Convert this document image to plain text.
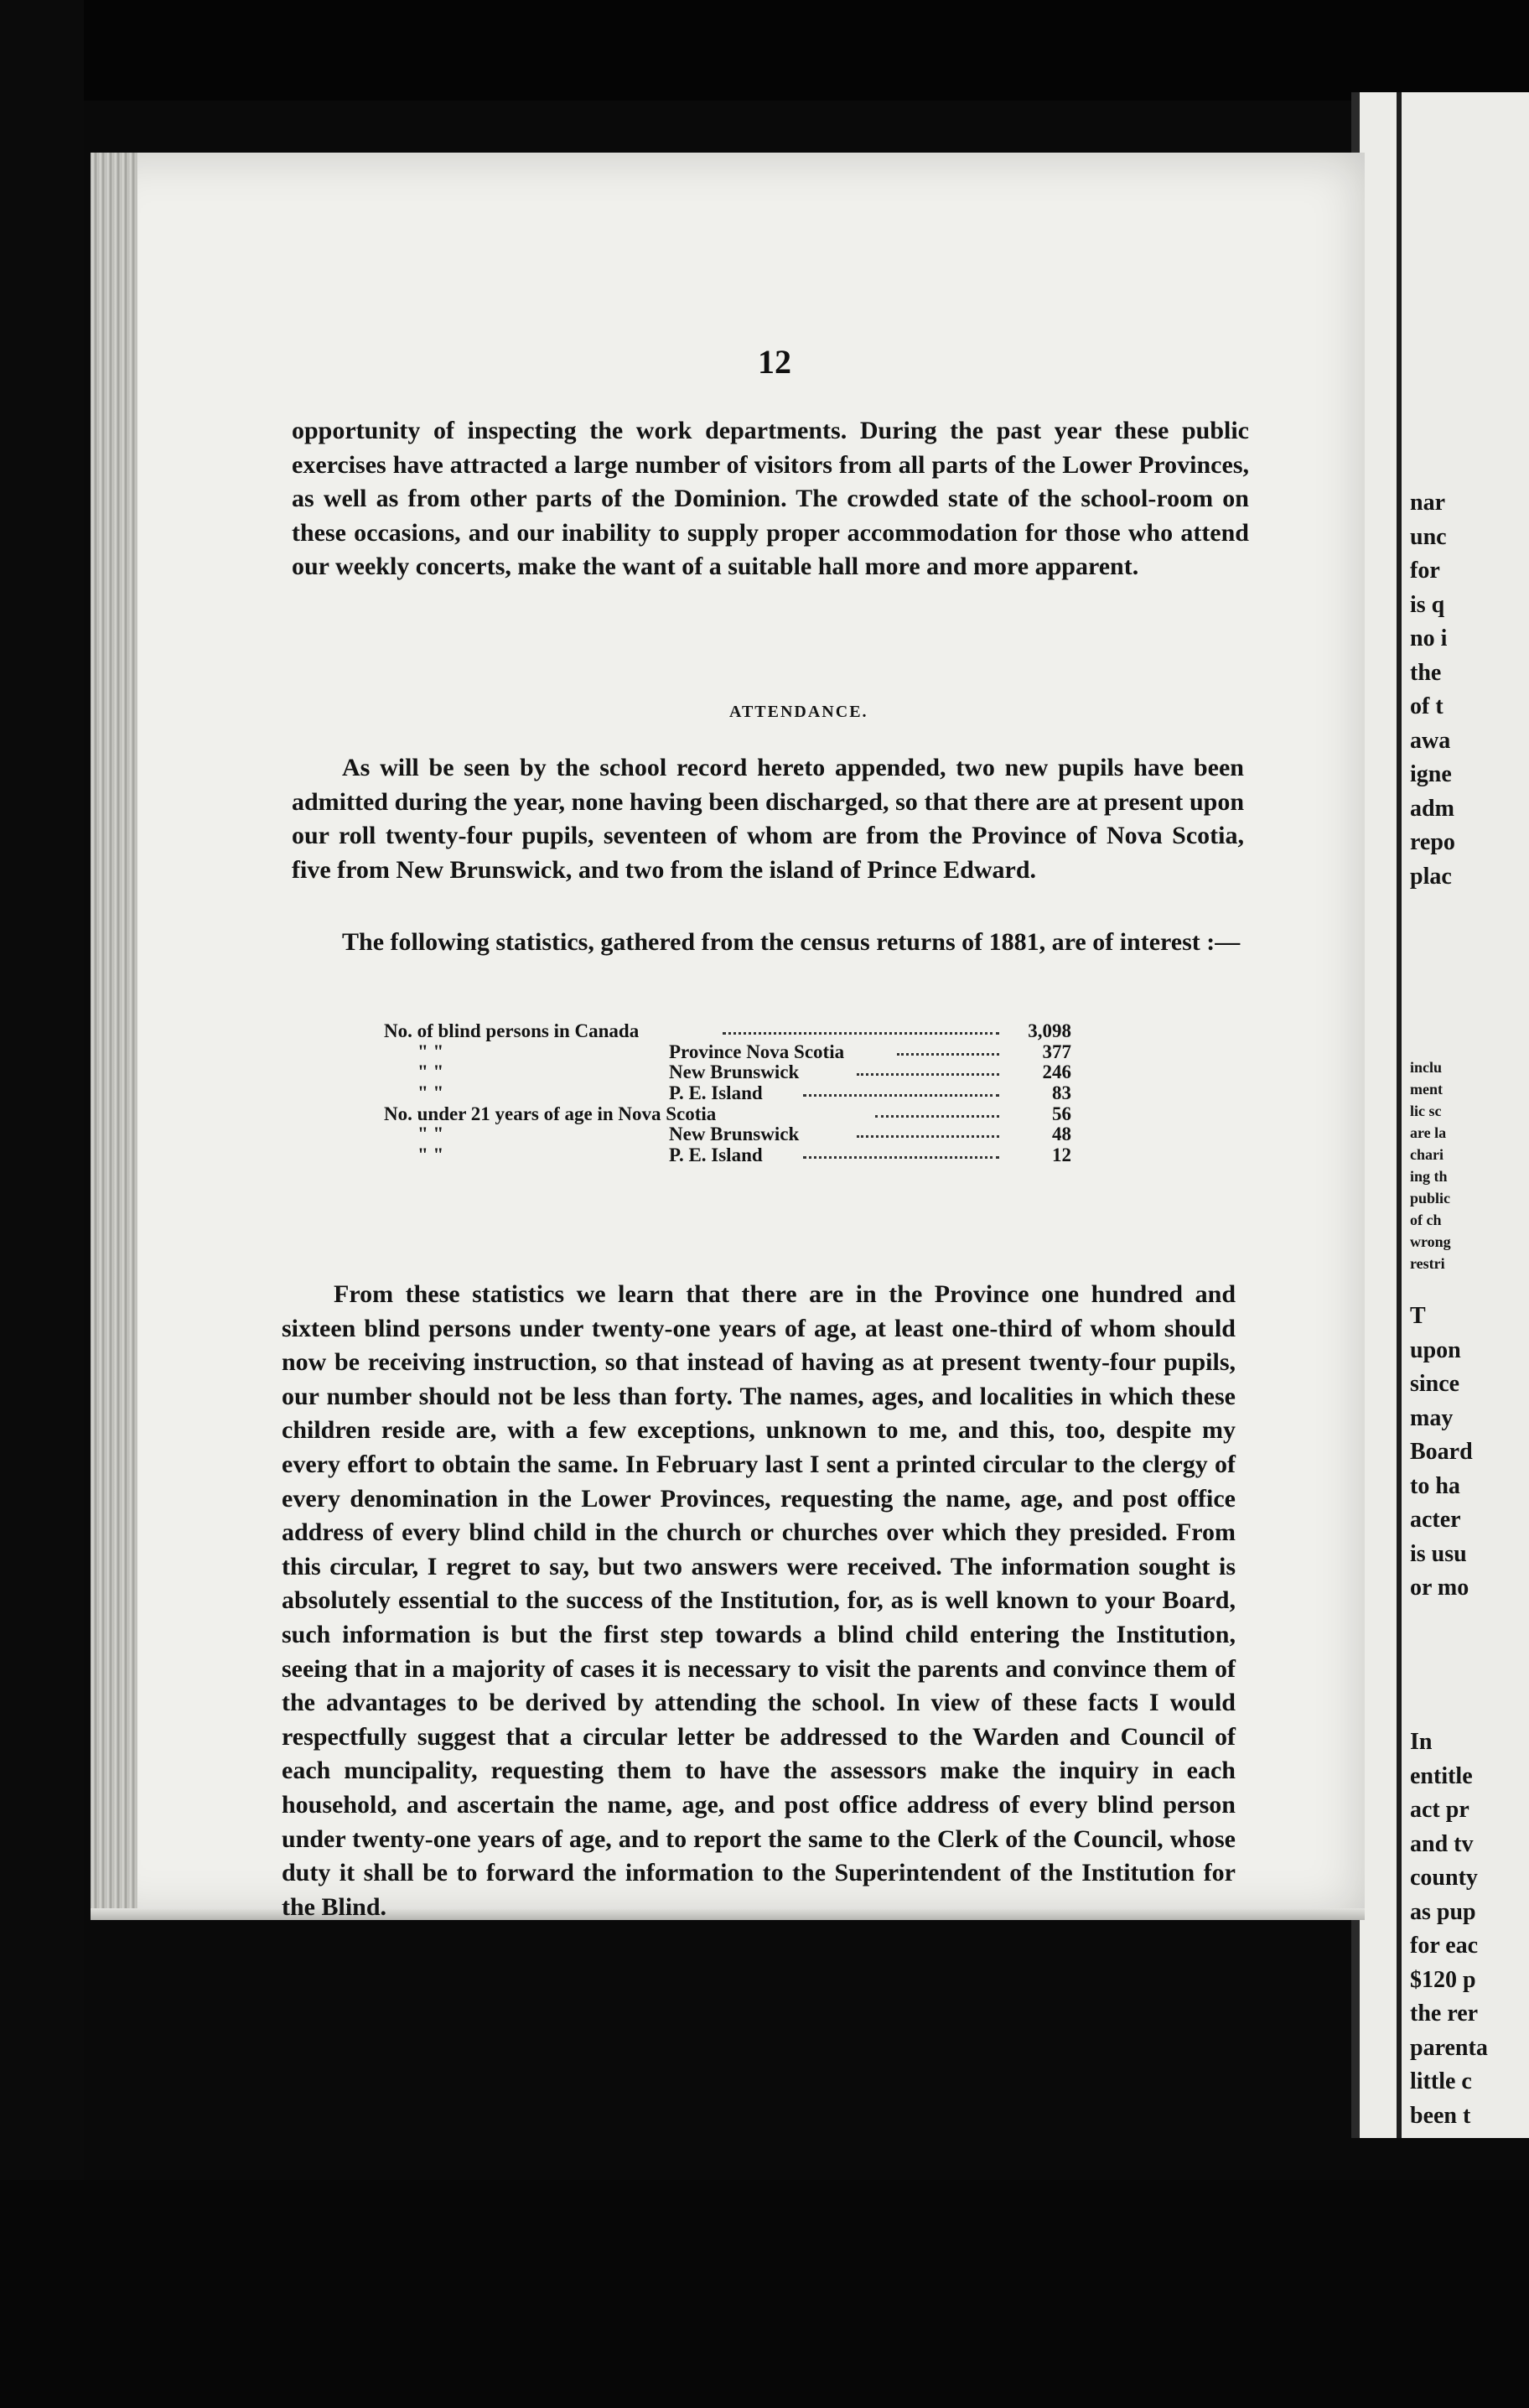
nar
unc
for
is q
no i
the
of t
awa
igne
adm
repo
plac
inclu
ment
lic sc
are la
chari
ing th
public
of ch
wrong
restri
T
upon
since
may
Board
to ha
acter
is usu
or mo
In
entitle
act pr
and tv
county
as pup
for eac
$120 p
the rer
parenta
little c
been t
12

opportunity of inspecting the work departments. During the past year these public exercises have attracted a large number of visitors from all parts of the Lower Provinces, as well as from other parts of the Dominion. The crowded state of the school-room on these occasions, and our inability to supply proper accommodation for those who attend our weekly concerts, make the want of a suitable hall more and more apparent.

ATTENDANCE.

As will be seen by the school record hereto appended, two new pupils have been admitted during the year, none having been discharged, so that there are at present upon our roll twenty-four pupils, seventeen of whom are from the Province of Nova Scotia, five from New Brunswick, and two from the island of Prince Edward.

The following statistics, gathered from the census returns of 1881, are of interest :—

No. of blind persons in Canada	3,098
" "	Province Nova Scotia	377
" "	New Brunswick	246
" "	P. E. Island	83
No. under 21 years of age in Nova Scotia	56
" "	New Brunswick	48
" "	P. E. Island	12

From these statistics we learn that there are in the Province one hundred and sixteen blind persons under twenty-one years of age, at least one-third of whom should now be receiving instruction, so that instead of having as at present twenty-four pupils, our number should not be less than forty. The names, ages, and localities in which these children reside are, with a few exceptions, unknown to me, and this, too, despite my every effort to obtain the same. In February last I sent a printed circular to the clergy of every denomination in the Lower Provinces, requesting the name, age, and post office address of every blind child in the church or churches over which they presided. From this circular, I regret to say, but two answers were received. The information sought is absolutely essential to the success of the Institution, for, as is well known to your Board, such information is but the first step towards a blind child entering the Institution, seeing that in a majority of cases it is necessary to visit the parents and convince them of the advantages to be derived by attending the school. In view of these facts I would respectfully suggest that a circular letter be addressed to the Warden and Council of each muncipality, requesting them to have the assessors make the inquiry in each household, and ascertain the name, age, and post office address of every blind person under twenty-one years of age, and to report the same to the Clerk of the Council, whose duty it shall be to forward the information to the Superintendent of the Institution for the Blind.
